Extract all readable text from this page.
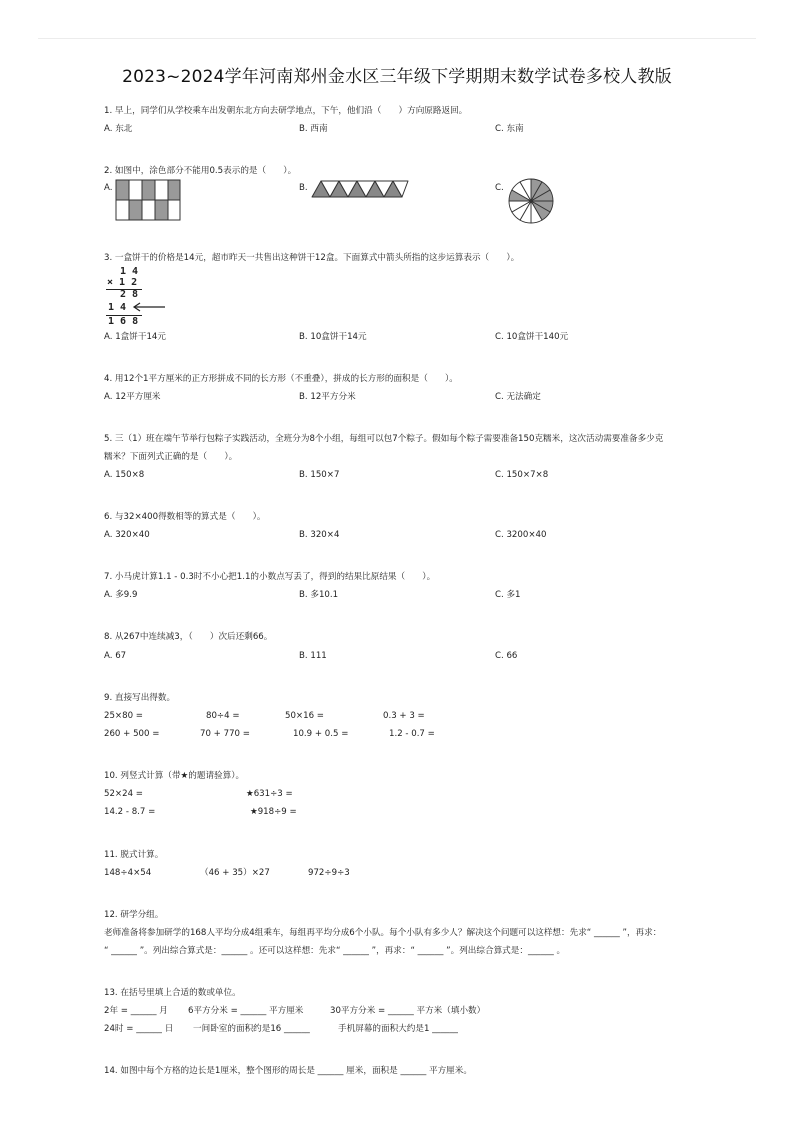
2023~2024学年河南郑州金水区三年级下学期期末数学试卷多校人教版
1. 早上，同学们从学校乘车出发朝东北方向去研学地点，下午，他们沿（　　）方向原路返回。
A. 东北	B. 西南	C. 东南
2. 如图中，涂色部分不能用0.5表示的是（　　）。
A.	B.	C.
3. 一盒饼干的价格是14元，超市昨天一共售出这种饼干12盒。下面算式中箭头所指的这步运算表示（　　）。
1 4
× 1 2
2 8
1 4
1 6 8
A. 1盒饼干14元	B. 10盒饼干14元	C. 10盒饼干140元
4. 用12个1平方厘米的正方形拼成不同的长方形（不重叠），拼成的长方形的面积是（　　）。
A. 12平方厘米	B. 12平方分米	C. 无法确定
5. 三（1）班在端午节举行包粽子实践活动，全班分为8个小组，每组可以包7个粽子。假如每个粽子需要准备150克糯米，这次活动需要准备多少克
糯米？下面列式正确的是（　　）。
A. 150×8	B. 150×7	C. 150×7×8
6. 与32×400得数相等的算式是（　　）。
A. 320×40	B. 320×4	C. 3200×40
7. 小马虎计算1.1 - 0.3时不小心把1.1的小数点写丢了，得到的结果比原结果（　　）。
A. 多9.9	B. 多10.1	C. 多1
8. 从267中连续减3，（　　）次后还剩66。
A. 67	B. 111	C. 66
9. 直接写出得数。
25×80 =	80÷4 =	50×16 =	0.3 + 3 =
260 + 500 =	70 + 770 =	10.9 + 0.5 =	1.2 - 0.7 =
10. 列竖式计算（带★的题请验算）。
52×24 =	★631÷3 =
14.2 - 8.7 =	★918÷9 =
11. 脱式计算。
148÷4×54	（46 + 35）×27	972÷9÷3
12. 研学分组。
老师准备将参加研学的168人平均分成4组乘车，每组再平均分成6个小队。每个小队有多少人？解决这个问题可以这样想：先求“ ______ ”，再求：
“ ______ ”。列出综合算式是：______ 。还可以这样想：先求“ ______ ”，再求：“ ______ ”。列出综合算式是：______ 。
13. 在括号里填上合适的数或单位。
2年 = ______ 月 6平方分米 = ______ 平方厘米	30平方分米 = ______ 平方米（填小数）
24时 = ______ 日 一间卧室的面积约是16 ______	手机屏幕的面积大约是1 ______
14. 如图中每个方格的边长是1厘米，整个图形的周长是 ______ 厘米，面积是 ______ 平方厘米。
